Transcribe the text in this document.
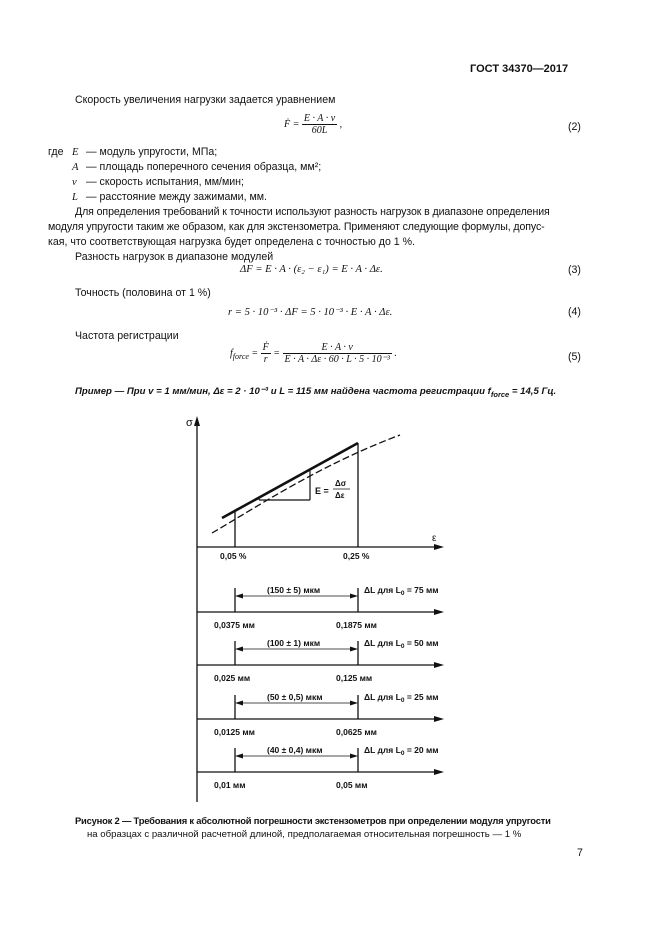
ГОСТ 34370—2017
Скорость увеличения нагрузки задается уравнением
Ḟ = $\frac{E \cdot A \cdot v}{60L}$ ,	(2)
где E — модуль упругости, МПа;
A — площадь поперечного сечения образца, мм²;
v — скорость испытания, мм/мин;
L — расстояние между зажимами, мм.
Для определения требований к точности используют разность нагрузок в диапазоне определения
модуля упругости таким же образом, как для экстензометра. Применяют следующие формулы, допус-
кая, что соответствующая нагрузка будет определена с точностью до 1 %.
Разность нагрузок в диапазоне модулей
ΔF = E · A · (ε₂ − ε₁) = E · A · Δε.	(3)
Точность (половина от 1 %)
r = 5 · 10⁻³ · ΔF = 5 · 10⁻³ · E · A · Δε.	(4)
Частота регистрации
$f_{force} = \frac{\text{Ḟ}}{r} = \frac{E \cdot A \cdot v}{\text{E · A · Δε · 60 · L · 5 · 10⁻³}}$ .	(5)
Пример — При v = 1 мм/мин, Δε = 2 · 10⁻³ и L = 115 мм найдена частота регистрации $f_{force} = 14,5$ Гц.
σ
ε
E =
Δσ
Δε
0,05 %	0,25 %
(150 ± 5) мкм	ΔL для $L_0 = 75$ мм
0,0375 мм	0,1875 мм
(100 ± 1) мкм	ΔL для $L_0 = 50$ мм
0,025 мм	0,125 мм
(50 ± 0,5) мкм	ΔL для $L_0 = 25$ мм
0,0125 мм	0,0625 мм
(40 ± 0,4) мкм	ΔL для $L_0 = 20$ мм
0,01 мм	0,05 мм
Рисунок 2 — Требования к абсолютной погрешности экстензометров при определении модуля упругости
на образцах с различной расчетной длиной, предполагаемая относительная погрешность — 1 %
7
